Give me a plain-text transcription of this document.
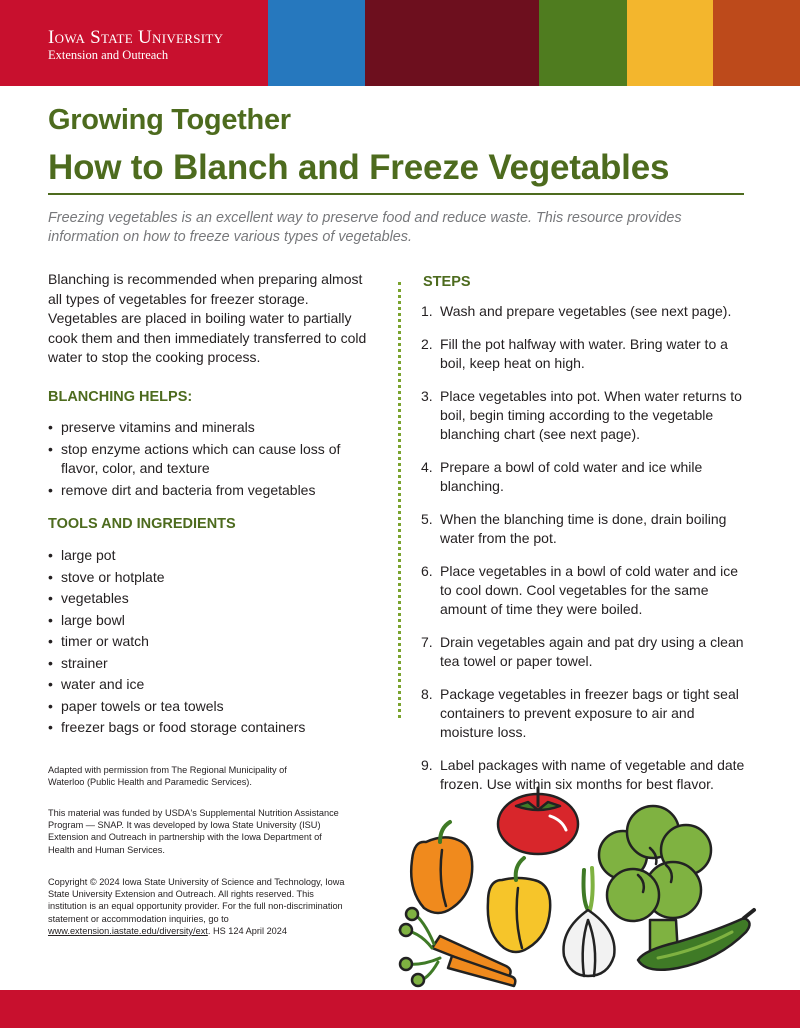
Iowa State University
Extension and Outreach
Growing Together
How to Blanch and Freeze Vegetables
Freezing vegetables is an excellent way to preserve food and reduce waste. This resource provides information on how to freeze various types of vegetables.

Blanching is recommended when preparing almost all types of vegetables for freezer storage. Vegetables are placed in boiling water to partially cook them and then immediately transferred to cold water to stop the cooking process.

BLANCHING HELPS:
• preserve vitamins and minerals
• stop enzyme actions which can cause loss of flavor, color, and texture
• remove dirt and bacteria from vegetables
TOOLS AND INGREDIENTS
• large pot
• stove or hotplate
• vegetables
• large bowl
• timer or watch
• strainer
• water and ice
• paper towels or tea towels
• freezer bags or food storage containers
Adapted with permission from The Regional Municipality of Waterloo (Public Health and Paramedic Services).
This material was funded by USDA's Supplemental Nutrition Assistance Program — SNAP. It was developed by Iowa State University (ISU) Extension and Outreach in partnership with the Iowa Department of Health and Human Services.
Copyright © 2024 Iowa State University of Science and Technology, Iowa State University Extension and Outreach. All rights reserved. This institution is an equal opportunity provider. For the full non-discrimination statement or accommodation inquiries, go to www.extension.iastate.edu/diversity/ext. HS 124 April 2024
STEPS
1. Wash and prepare vegetables (see next page).
2. Fill the pot halfway with water. Bring water to a boil, keep heat on high.
3. Place vegetables into pot. When water returns to boil, begin timing according to the vegetable blanching chart (see next page).
4. Prepare a bowl of cold water and ice while blanching.
5. When the blanching time is done, drain boiling water from the pot.
6. Place vegetables in a bowl of cold water and ice to cool down. Cool vegetables for the same amount of time they were boiled.
7. Drain vegetables again and pat dry using a clean tea towel or paper towel.
8. Package vegetables in freezer bags or tight seal containers to prevent exposure to air and moisture loss.
9. Label packages with name of vegetable and date frozen. Use within six months for best flavor.
